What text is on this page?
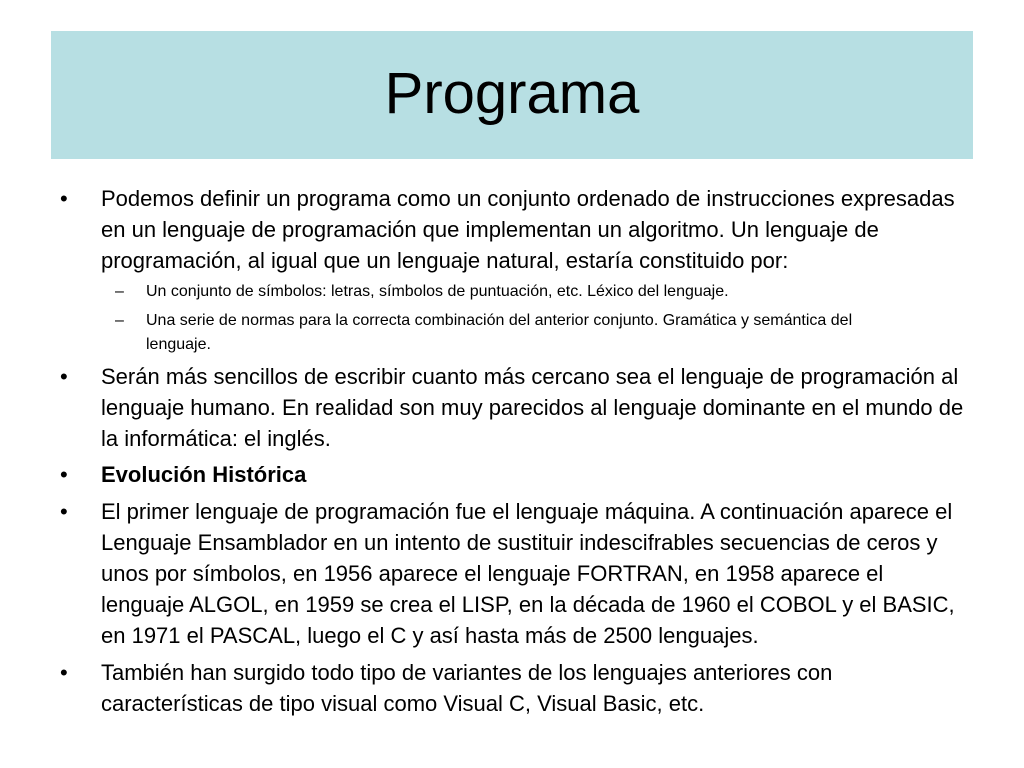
Programa
• Podemos definir un programa como un conjunto ordenado de instrucciones expresadas en un lenguaje de programación que implementan un algoritmo. Un lenguaje de programación, al igual que un lenguaje natural, estaría constituido por:
– Un conjunto de símbolos: letras, símbolos de puntuación, etc. Léxico del lenguaje.
– Una serie de normas para la correcta combinación del anterior conjunto. Gramática y semántica del lenguaje.
• Serán más sencillos de escribir cuanto más cercano sea el lenguaje de programación al lenguaje humano. En realidad son muy parecidos al lenguaje dominante en el mundo de la informática: el inglés.
• Evolución Histórica
• El primer lenguaje de programación fue el lenguaje máquina. A continuación aparece el Lenguaje Ensamblador en un intento de sustituir indescifrables secuencias de ceros y unos por símbolos, en 1956 aparece el lenguaje FORTRAN, en 1958 aparece el lenguaje ALGOL, en 1959 se crea el LISP, en la década de 1960 el COBOL y el BASIC, en 1971 el PASCAL, luego el C y así hasta más de 2500 lenguajes.
• También han surgido todo tipo de variantes de los lenguajes anteriores con características de tipo visual como Visual C, Visual Basic, etc.
